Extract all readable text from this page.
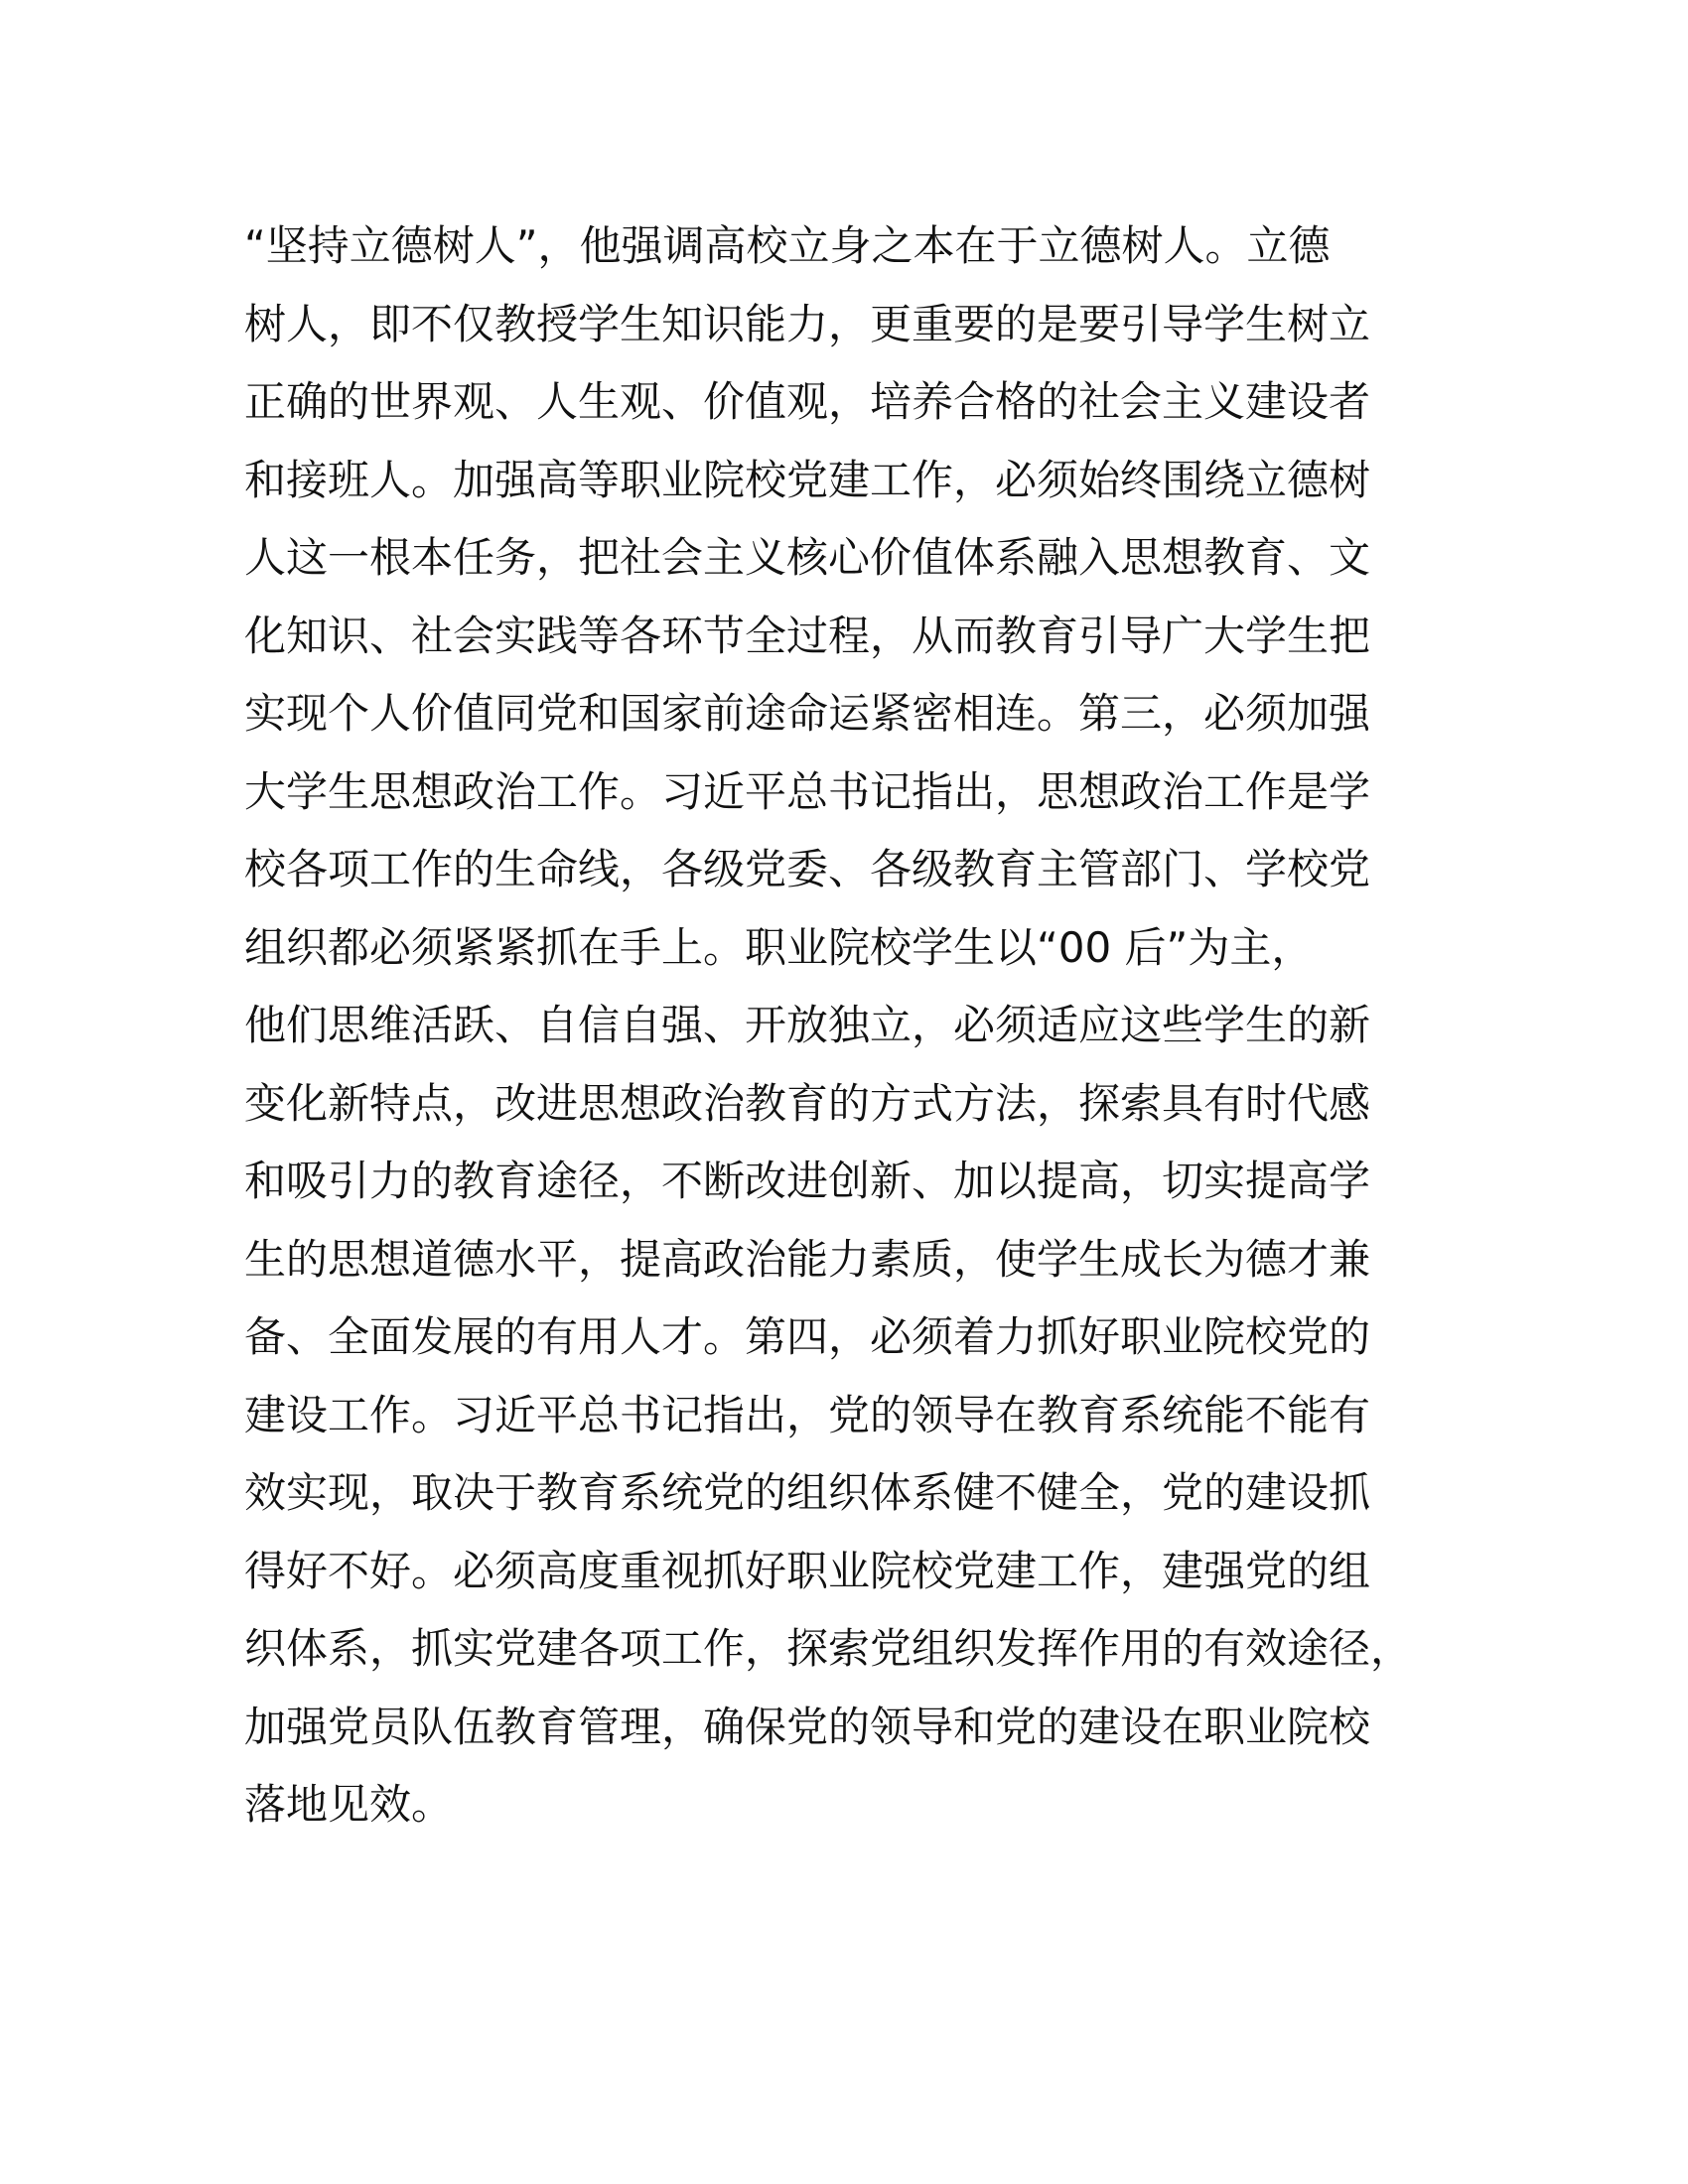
“坚持立德树人”，他强调高校立身之本在于立德树人。立德
树人，即不仅教授学生知识能力，更重要的是要引导学生树立
正确的世界观、人生观、价值观，培养合格的社会主义建设者
和接班人。加强高等职业院校党建工作，必须始终围绕立德树
人这一根本任务，把社会主义核心价值体系融入思想教育、文
化知识、社会实践等各环节全过程，从而教育引导广大学生把
实现个人价值同党和国家前途命运紧密相连。第三，必须加强
大学生思想政治工作。习近平总书记指出，思想政治工作是学
校各项工作的生命线，各级党委、各级教育主管部门、学校党
组织都必须紧紧抓在手上。职业院校学生以“00 后”为主，
他们思维活跃、自信自强、开放独立，必须适应这些学生的新
变化新特点，改进思想政治教育的方式方法，探索具有时代感
和吸引力的教育途径，不断改进创新、加以提高，切实提高学
生的思想道德水平，提高政治能力素质，使学生成长为德才兼
备、全面发展的有用人才。第四，必须着力抓好职业院校党的
建设工作。习近平总书记指出，党的领导在教育系统能不能有
效实现，取决于教育系统党的组织体系健不健全，党的建设抓
得好不好。必须高度重视抓好职业院校党建工作，建强党的组
织体系，抓实党建各项工作，探索党组织发挥作用的有效途径，
加强党员队伍教育管理，确保党的领导和党的建设在职业院校
落地见效。
